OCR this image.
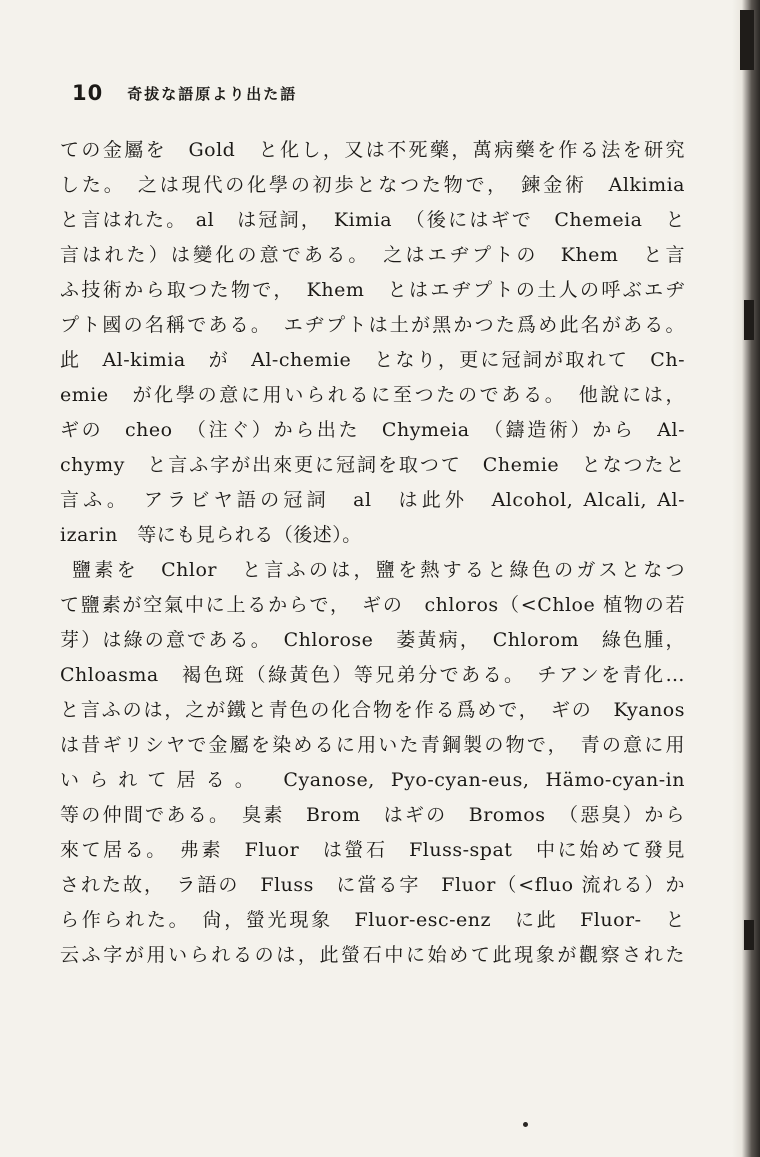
10 奇拔な語原より出た語
ての金屬を　Gold　と化し，又は不死藥，萬病藥を作る法を研究
した。　之は現代の化學の初歩となつた物で，　鍊金術　Alkimia
と言はれた。 al　は冠詞，　Kimia　（後にはギで　Chemeia　と
言はれた）は變化の意である。　之はエヂプトの　Khem　と言
ふ技術から取つた物で，　Khem　とはエヂプトの土人の呼ぶエヂ
プト國の名稱である。　エヂプトは土が黑かつた爲め此名がある。
此　Al-kimia　が　Al-chemie　となり，更に冠詞が取れて　Ch-
emie　が化學の意に用いられるに至つたのである。　他說には，
ギの　cheo　（注ぐ）から出た　Chymeia　（鑄造術）から　Al-
chymy　と言ふ字が出來更に冠詞を取つて　Chemie　となつたと
言ふ。　アラビヤ語の冠詞　al　は此外　Alcohol, Alcali, Al-
izarin　等にも見られる（後述）。
鹽素を　Chlor　と言ふのは，鹽を熱すると綠色のガスとなつ
て鹽素が空氣中に上るからで，　ギの　chloros（<Chloe 植物の若
芽）は綠の意である。　Chlorose　萎黃病，　Chlorom　綠色腫，
Chloasma　褐色斑（綠黃色）等兄弟分である。　チアンを青化…
と言ふのは，之が鐵と青色の化合物を作る爲めで，　ギの　Kyanos
は昔ギリシヤで金屬を染めるに用いた青鋼製の物で，　青の意に用
いられて居る。　Cyanose, Pyo-cyan-eus, Hämo-cyan-in
等の仲間である。　臭素　Brom　はギの　Bromos　（惡臭）から
來て居る。　弗素　Fluor　は螢石　Fluss-spat　中に始めて發見
された故，　ラ語の　Fluss　に當る字　Fluor（<fluo 流れる）か
ら作られた。　尙，螢光現象　Fluor-esc-enz　に此　Fluor-　と
云ふ字が用いられるのは，此螢石中に始めて此現象が觀察された
